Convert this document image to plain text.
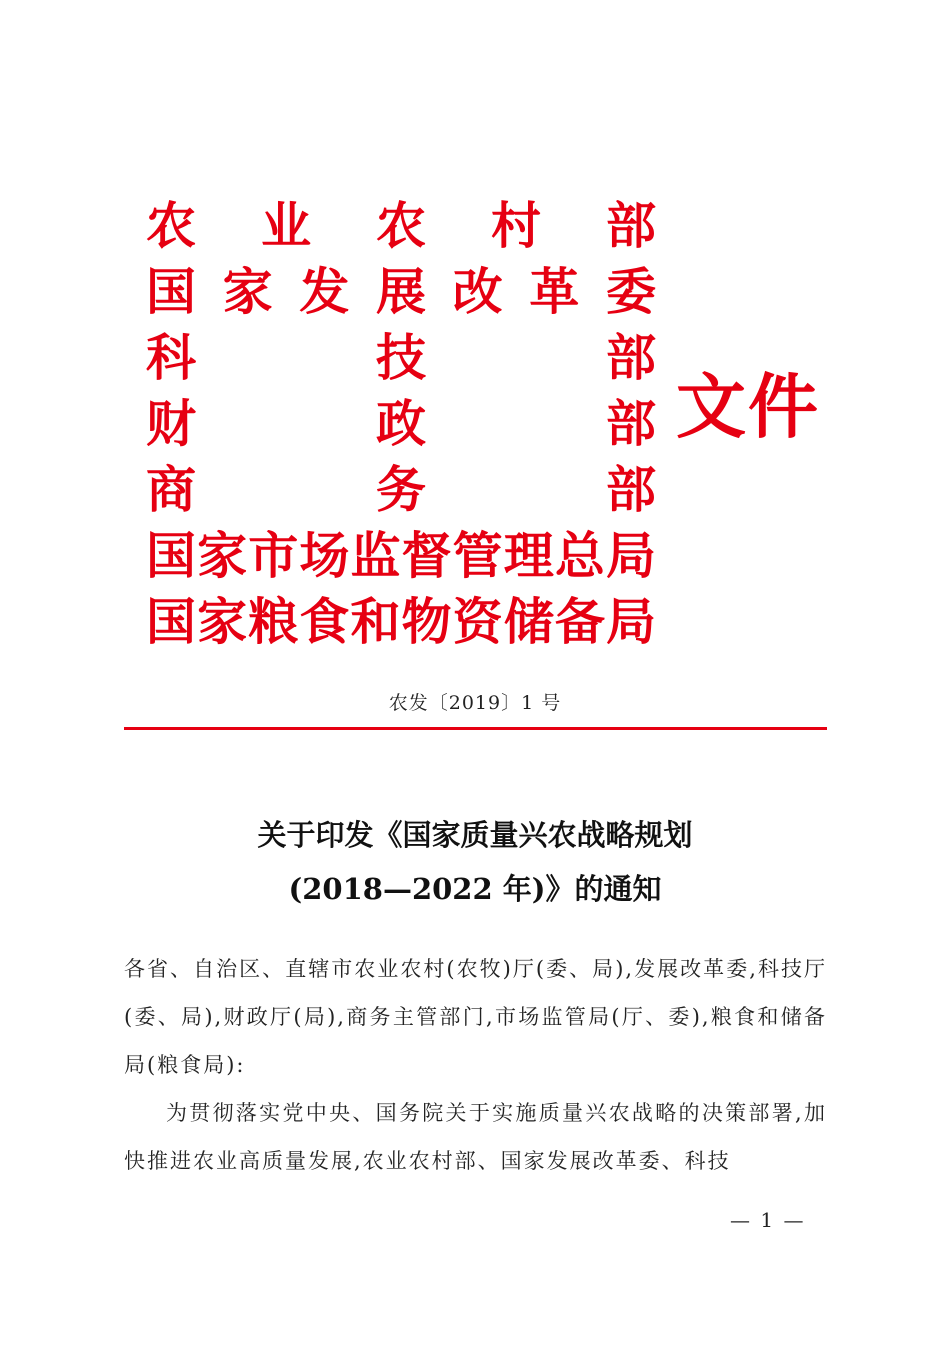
农 业 农 村 部
国 家 发 展 改 革 委
科	技	部
财	政	部
商	务	部
国 家 市 场 监 督 管 理 总 局
国 家 粮 食 和 物 资 储 备 局
文件
农发〔2019〕1 号
关于印发《国家质量兴农战略规划
(2018—2022 年)》的通知

各省、自治区、直辖市农业农村(农牧)厅(委、局),发展改革委,科技厅(委、局),财政厅(局),商务主管部门,市场监管局(厅、委),粮食和储备局(粮食局):

为贯彻落实党中央、国务院关于实施质量兴农战略的决策部署,加快推进农业高质量发展,农业农村部、国家发展改革委、科技

— 1 —
